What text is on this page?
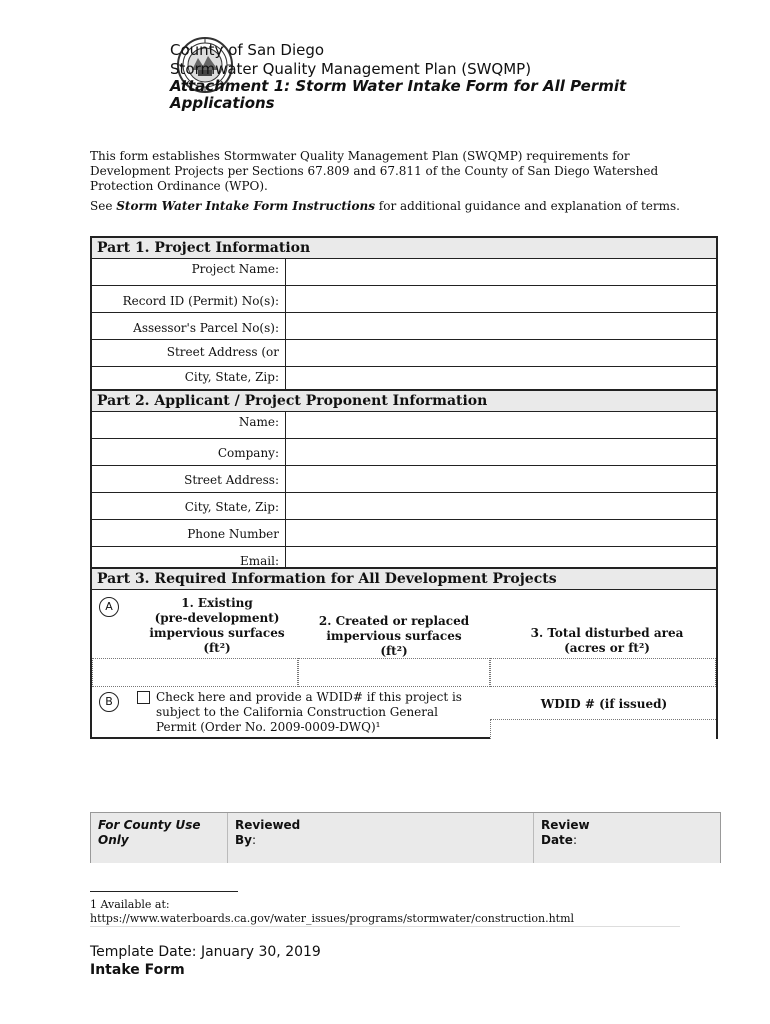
County of San Diego
Stormwater Quality Management Plan (SWQMP)
Attachment 1: Storm Water Intake Form for All Permit Applications
This form establishes Stormwater Quality Management Plan (SWQMP) requirements for Development Projects per Sections 67.809 and 67.811 of the County of San Diego Watershed Protection Ordinance (WPO).
See Storm Water Intake Form Instructions for additional guidance and explanation of terms.
Part 1. Project Information
Project Name:
Record ID (Permit) No(s):
Assessor's Parcel No(s):
Street Address (or
City, State, Zip:
Part 2. Applicant / Project Proponent Information
Name:
Company:
Street Address:
City, State, Zip:
Phone Number
Email:
Part 3. Required Information for All Development Projects
A	1. Existing
(pre-development)
impervious surfaces
(ft²)
2. Created or replaced
impervious surfaces
(ft²)
3. Total disturbed area
(acres or ft²)
B	Check here and provide a WDID# if this project is
subject to the California Construction General
Permit (Order No. 2009-0009-DWQ)¹
WDID # (if issued)
For County Use
Only
Reviewed
By:
Review
Date:
1 Available at:
https://www.waterboards.ca.gov/water_issues/programs/stormwater/construction.html
Template Date: January 30, 2019
Intake Form
